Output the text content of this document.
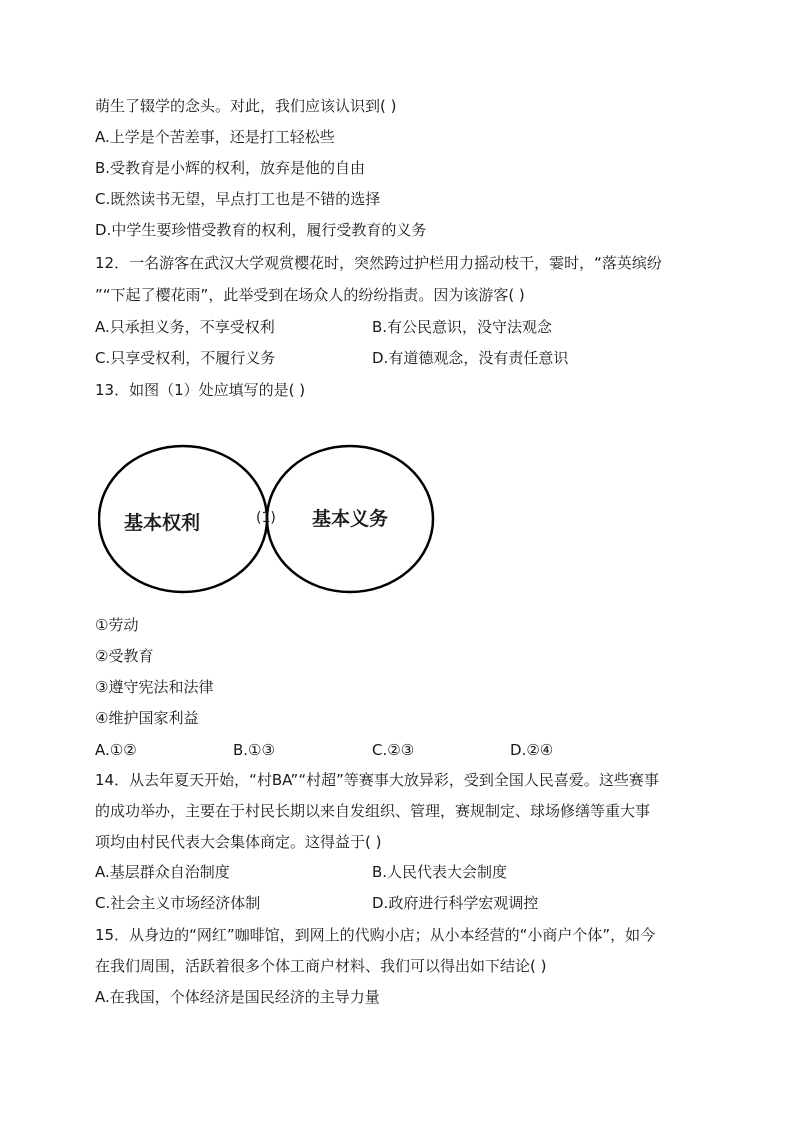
萌生了辍学的念头。对此，我们应该认识到( )
A.上学是个苦差事，还是打工轻松些
B.受教育是小辉的权利，放弃是他的自由
C.既然读书无望，早点打工也是不错的选择
D.中学生要珍惜受教育的权利，履行受教育的义务
12．一名游客在武汉大学观赏樱花时，突然跨过护栏用力摇动枝干，霎时，“落英缤纷
”“下起了樱花雨”，此举受到在场众人的纷纷指责。因为该游客( )
A.只承担义务，不享受权利	B.有公民意识，没守法观念
C.只享受权利，不履行义务	D.有道德观念，没有责任意识
13．如图（1）处应填写的是( )
基本权利	(1) 基本义务
①劳动
②受教育
③遵守宪法和法律
④维护国家利益
A.①②	B.①③	C.②③	D.②④
14．从去年夏天开始，“村BA”“村超”等赛事大放异彩，受到全国人民喜爱。这些赛事
的成功举办，主要在于村民长期以来自发组织、管理，赛规制定、球场修缮等重大事
项均由村民代表大会集体商定。这得益于( )
A.基层群众自治制度	B.人民代表大会制度
C.社会主义市场经济体制	D.政府进行科学宏观调控
15．从身边的“网红”咖啡馆，到网上的代购小店；从小本经营的“小商户个体”，如今
在我们周围，活跃着很多个体工商户材料、我们可以得出如下结论( )
A.在我国，个体经济是国民经济的主导力量
